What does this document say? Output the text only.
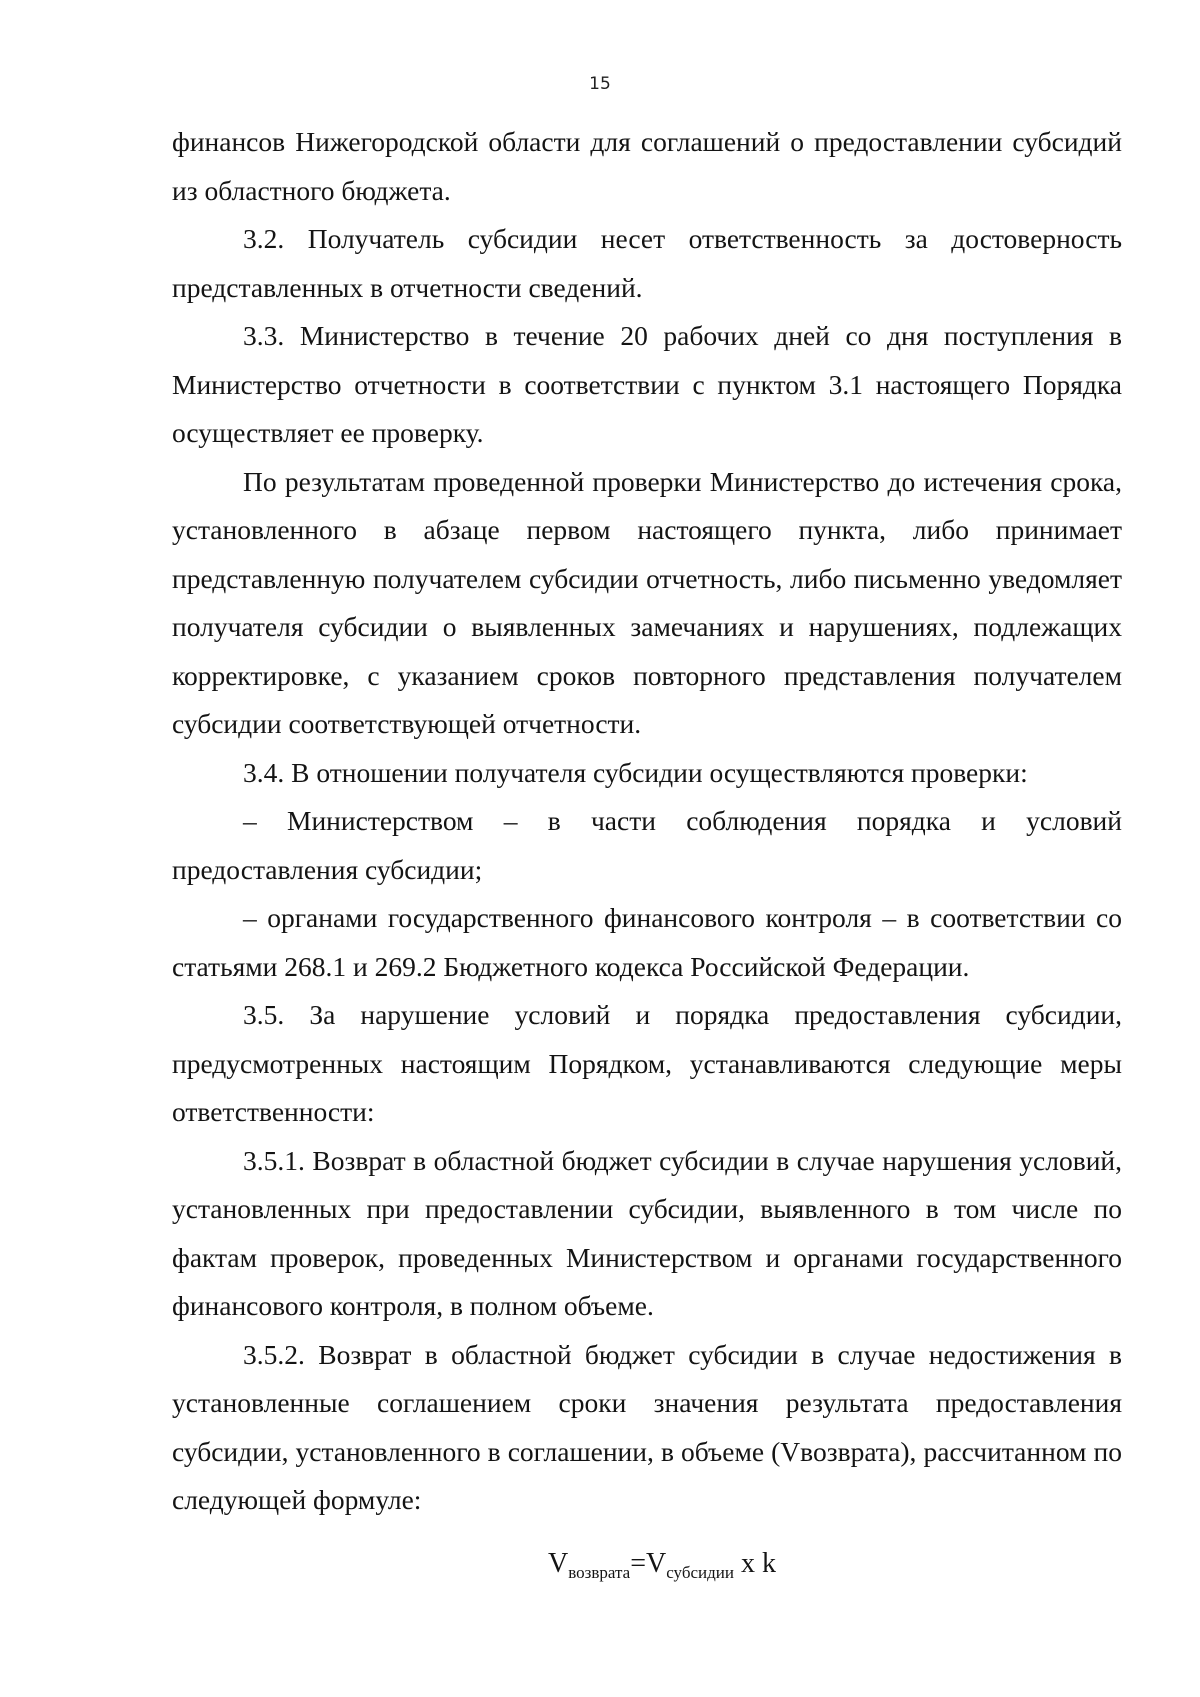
15

финансов Нижегородской области для соглашений о предоставлении субсидий из областного бюджета.

3.2. Получатель субсидии несет ответственность за достоверность представленных в отчетности сведений.

3.3. Министерство в течение 20 рабочих дней со дня поступления в Министерство отчетности в соответствии с пунктом 3.1 настоящего Порядка осуществляет ее проверку.

По результатам проведенной проверки Министерство до истечения срока, установленного в абзаце первом настоящего пункта, либо принимает представленную получателем субсидии отчетность, либо письменно уведомляет получателя субсидии о выявленных замечаниях и нарушениях, подлежащих корректировке, с указанием сроков повторного представления получателем субсидии соответствующей отчетности.

3.4. В отношении получателя субсидии осуществляются проверки:

– Министерством – в части соблюдения порядка и условий предоставления субсидии;

– органами государственного финансового контроля – в соответствии со статьями 268.1 и 269.2 Бюджетного кодекса Российской Федерации.

3.5. За нарушение условий и порядка предоставления субсидии, предусмотренных настоящим Порядком, устанавливаются следующие меры ответственности:

3.5.1. Возврат в областной бюджет субсидии в случае нарушения условий, установленных при предоставлении субсидии, выявленного в том числе по фактам проверок, проведенных Министерством и органами государственного финансового контроля, в полном объеме.

3.5.2. Возврат в областной бюджет субсидии в случае недостижения в установленные соглашением сроки значения результата предоставления субсидии, установленного в соглашении, в объеме (Vвозврата), рассчитанном по следующей формуле:

$V_{возврата}=V_{субсидии}$ x k
